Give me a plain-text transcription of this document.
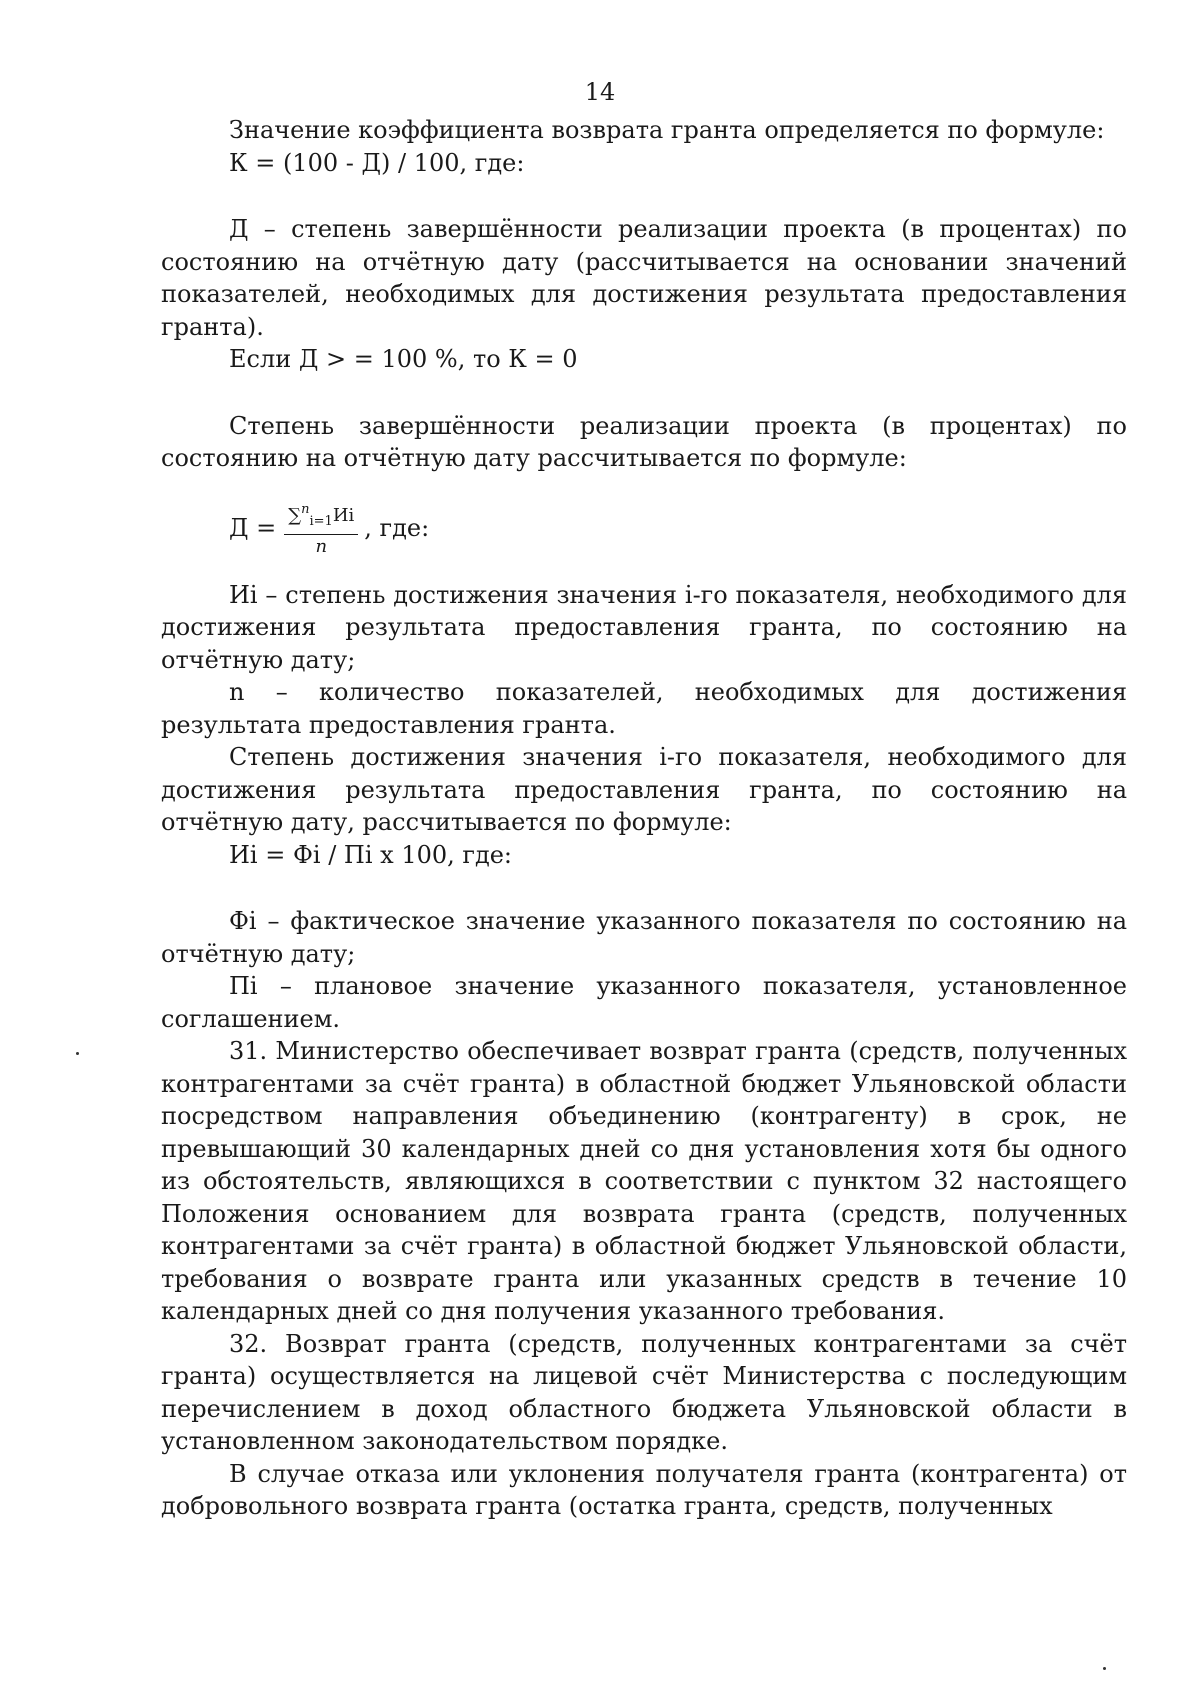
14

Значение коэффициента возврата гранта определяется по формуле:

К = (100 - Д) / 100, где:

Д – степень завершённости реализации проекта (в процентах) по состоянию на отчётную дату (рассчитывается на основании значений показателей, необходимых для достижения результата предоставления гранта).

Если Д > = 100 %, то К = 0

Степень завершённости реализации проекта (в процентах) по состоянию на отчётную дату рассчитывается по формуле:

$Д = \frac{\sum^n_{i=1}Иi}{n}$ , где:

Иi – степень достижения значения i-го показателя, необходимого для достижения результата предоставления гранта, по состоянию на отчётную дату;

n – количество показателей, необходимых для достижения результата предоставления гранта.

Степень достижения значения i-го показателя, необходимого для достижения результата предоставления гранта, по состоянию на отчётную дату, рассчитывается по формуле:

Иi = Фi / Пi x 100, где:

Фi – фактическое значение указанного показателя по состоянию на отчётную дату;

Пi – плановое значение указанного показателя, установленное соглашением.

31. Министерство обеспечивает возврат гранта (средств, полученных контрагентами за счёт гранта) в областной бюджет Ульяновской области посредством направления объединению (контрагенту) в срок, не превышающий 30 календарных дней со дня установления хотя бы одного из обстоятельств, являющихся в соответствии с пунктом 32 настоящего Положения основанием для возврата гранта (средств, полученных контрагентами за счёт гранта) в областной бюджет Ульяновской области, требования о возврате гранта или указанных средств в течение 10 календарных дней со дня получения указанного требования.

32. Возврат гранта (средств, полученных контрагентами за счёт гранта) осуществляется на лицевой счёт Министерства с последующим перечислением в доход областного бюджета Ульяновской области в установленном законодательством порядке.

В случае отказа или уклонения получателя гранта (контрагента) от добровольного возврата гранта (остатка гранта, средств, полученных
